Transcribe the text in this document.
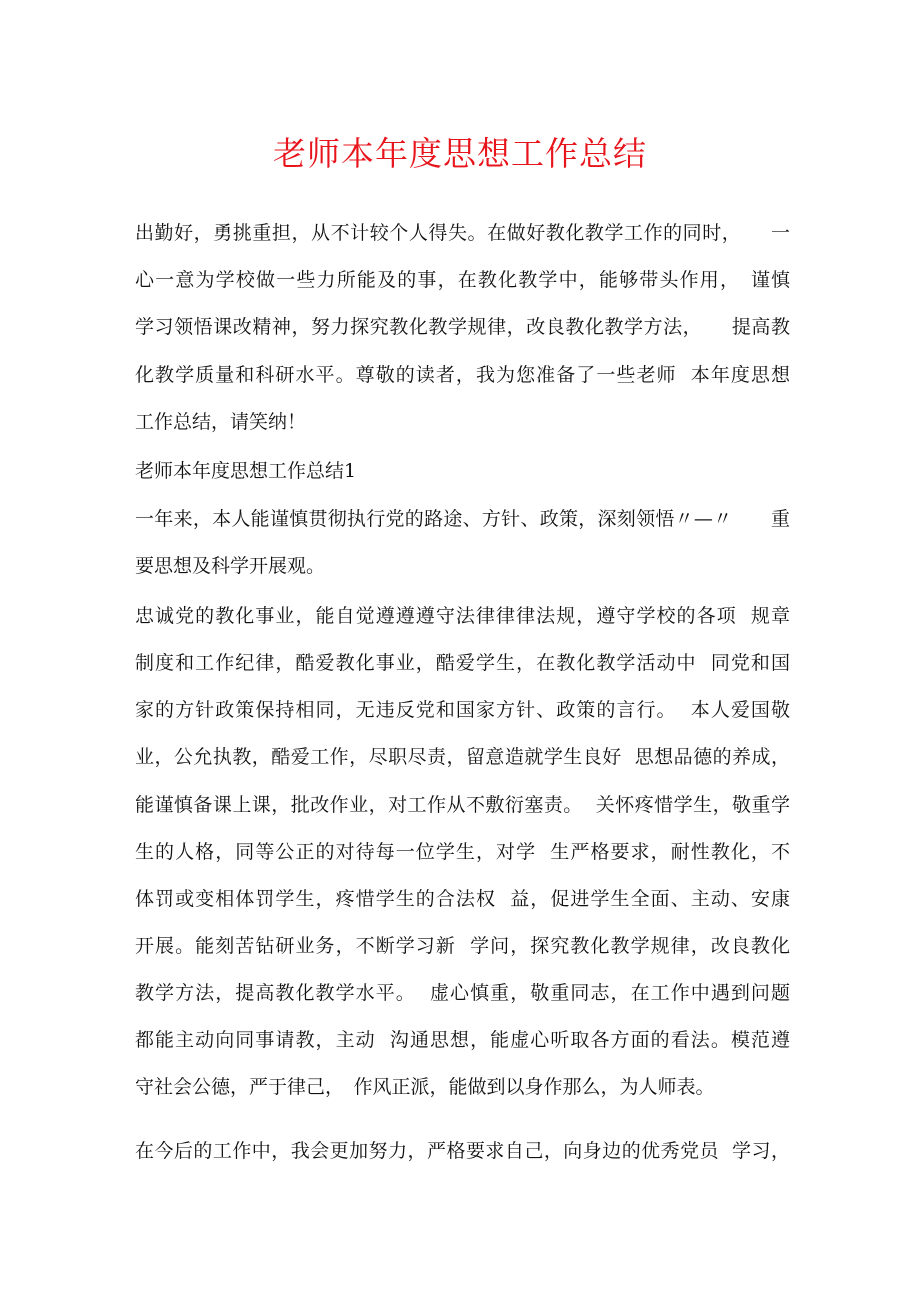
老师本年度思想工作总结
出勤好，勇挑重担，从不计较个人得失。在做好教化教学工作的同时，　　一
心一意为学校做一些力所能及的事，在教化教学中，能够带头作用，　谨慎
学习领悟课改精神，努力探究教化教学规律，改良教化教学方法，　　提高教
化教学质量和科研水平。尊敬的读者，我为您准备了一些老师  本年度思想
工作总结，请笑纳！
老师本年度思想工作总结1
一年来，本人能谨慎贯彻执行党的路途、方针、政策，深刻领悟〃—〃　　重
要思想及科学开展观。
忠诚党的教化事业，能自觉遵遵遵守法律律律法规，遵守学校的各项  规章
制度和工作纪律，酷爱教化事业，酷爱学生，在教化教学活动中  同党和国
家的方针政策保持相同，无违反党和国家方针、政策的言行。  本人爱国敬
业，公允执教，酷爱工作，尽职尽责，留意造就学生良好  思想品德的养成，
能谨慎备课上课，批改作业，对工作从不敷衍塞责。  关怀疼惜学生，敬重学
生的人格，同等公正的对待每一位学生，对学  生严格要求，耐性教化，不
体罚或变相体罚学生，疼惜学生的合法权  益，促进学生全面、主动、安康
开展。能刻苦钻研业务，不断学习新  学问，探究教化教学规律，改良教化
教学方法，提高教化教学水平。  虚心慎重，敬重同志，在工作中遇到问题
都能主动向同事请教，主动  沟通思想，能虚心听取各方面的看法。模范遵
守社会公德，严于律己，　作风正派，能做到以身作那么，为人师表。
在今后的工作中，我会更加努力，严格要求自己，向身边的优秀党员  学习，
